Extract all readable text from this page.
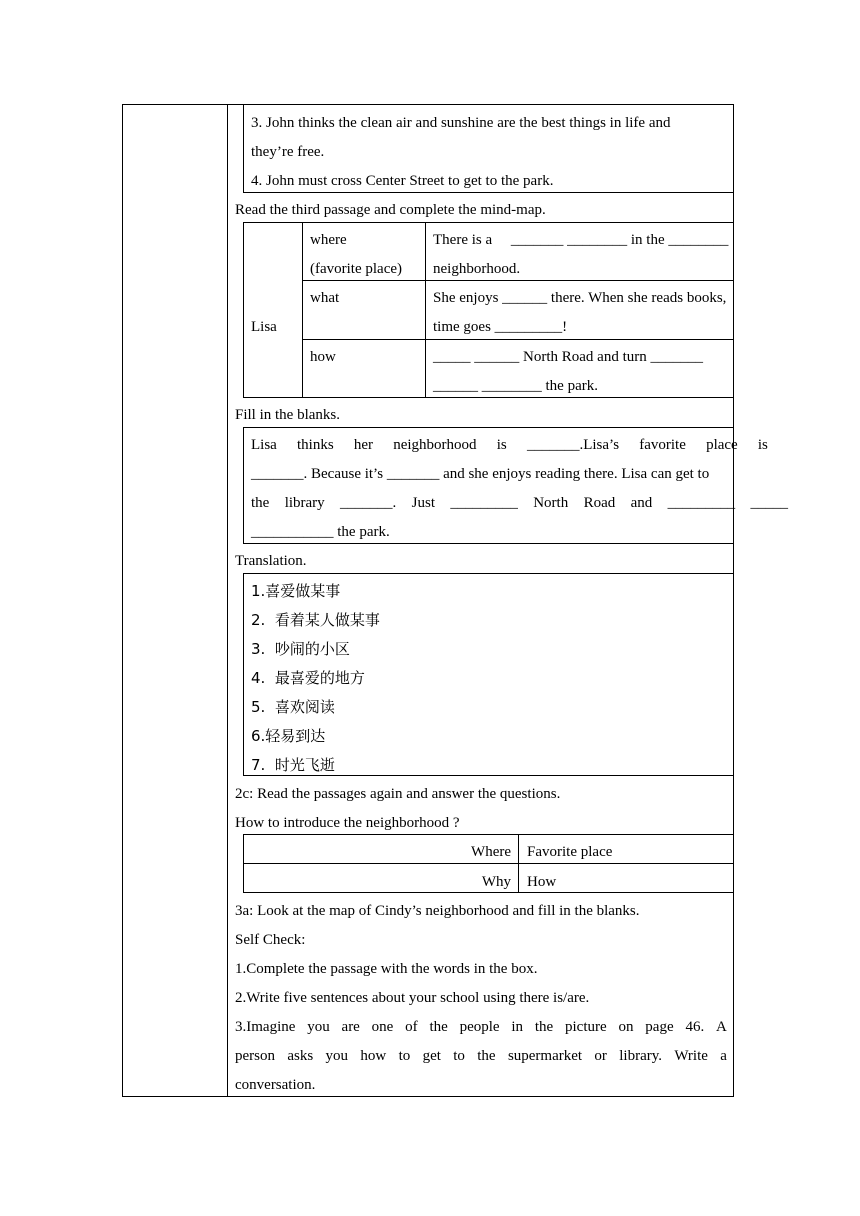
3. John thinks the clean air and sunshine are the best things in life and
they’re free.
4. John must cross Center Street to get to the park.
Read the third passage and complete the mind-map.
Lisa
where
(favorite place)
what
how
There is a     _______ ________ in the ________
neighborhood.
She enjoys ______ there. When she reads books,
time goes _________!
_____ ______ North Road and turn _______
______ ________ the park.
Fill in the blanks.
Lisa thinks her neighborhood is _______.Lisa’s favorite place is
_______. Because it’s _______ and she enjoys reading there. Lisa can get to
the library _______. Just _________ North Road and _________ _____
___________ the park.
Translation.
1.喜爱做某事
2.  看着某人做某事
3.  吵闹的小区
4.  最喜爱的地方
5.  喜欢阅读
6.轻易到达
7.  时光飞逝
2c: Read the passages again and answer the questions.
How to introduce the neighborhood ?
Where Favorite place
Why How
3a: Look at the map of Cindy’s neighborhood and fill in the blanks.
Self Check:
1.Complete the passage with the words in the box.
2.Write five sentences about your school using there is/are.
3.Imagine you are one of the people in the picture on page 46. A
person asks you how to get to the supermarket or library. Write a
conversation.
